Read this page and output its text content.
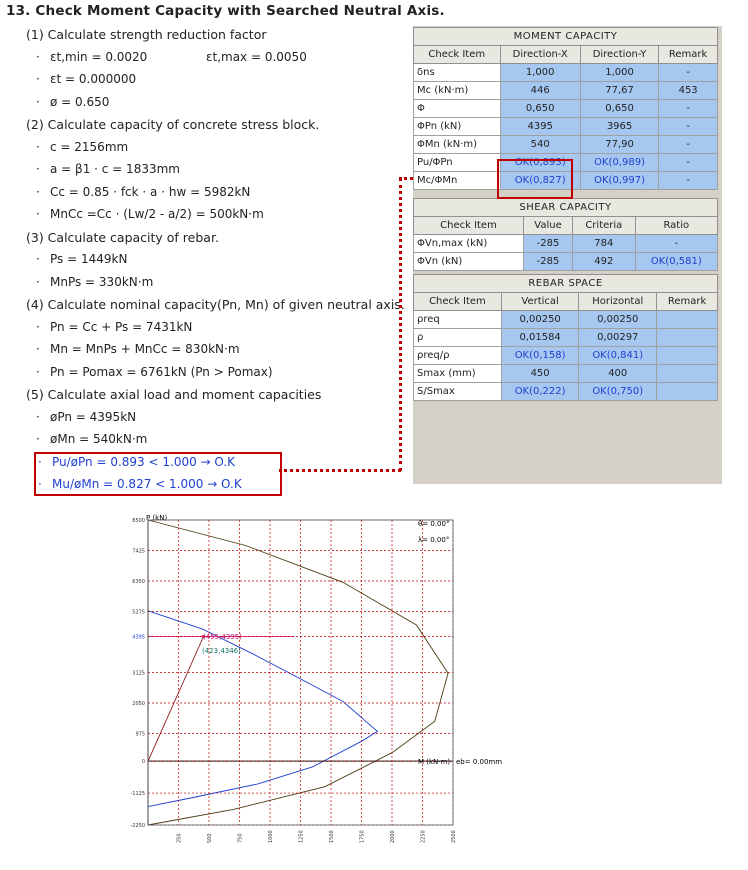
13. Check Moment Capacity with Searched Neutral Axis.
(1) Calculate strength reduction factor
· εt,min = 0.0020	εt,max = 0.0050
· εt = 0.000000
· ø = 0.650
(2) Calculate capacity of concrete stress block.
· c = 2156mm
· a = β1 · c = 1833mm
· Cc = 0.85 · fck · a · hw = 5982kN
· MnCc =Cc · (Lw/2 - a/2) = 500kN·m
(3) Calculate capacity of rebar.
· Ps = 1449kN
· MnPs = 330kN·m
(4) Calculate nominal capacity(Pn, Mn) of given neutral axis.
· Pn = Cc + Ps = 7431kN
· Mn = MnPs + MnCc = 830kN·m
· Pn = Pomax = 6761kN (Pn > Pomax)
(5) Calculate axial load and moment capacities
· øPn = 4395kN
· øMn = 540kN·m
· Pu/øPn = 0.893 < 1.000 → O.K
· Mu/øMn = 0.827 < 1.000 → O.K
MOMENT CAPACITY			
Check Item	Direction-X	Direction-Y	Remark
δns	1,000	1,000	-
Mc (kN·m)	446	77,67	453
Φ	0,650	0,650	-
ΦPn (kN)	4395	3965	-
ΦMn (kN·m)	540	77,90	-
Pu/ΦPn	OK(0,893)	OK(0,989)	-
Mc/ΦMn	OK(0,827)	OK(0,997)	-
SHEAR CAPACITY			
Check Item	Value	Criteria	Ratio
ΦVn,max (kN)	-285	784	-
ΦVn (kN)	-285	492	OK(0,581)
REBAR SPACE			
Check Item	Vertical	Horizontal	Remark
ρreq	0,00250	0,00250	
ρ	0,01584	0,00297	
ρreq/ρ	OK(0,158)	OK(0,841)	
Smax (mm)	450	400	
S/Smax	OK(0,222)	OK(0,750)	
8500
7425
6350
5275
4395
3125
2050
975
0
-1125
-2250
2500
2250
2000
1750
1500
1250
1000
750
500
250
P (kN)
θ= 0.00°
λ= 0.00°
M (kN·m) eb= 0.00mm
(455,4395)
(423,4346)
